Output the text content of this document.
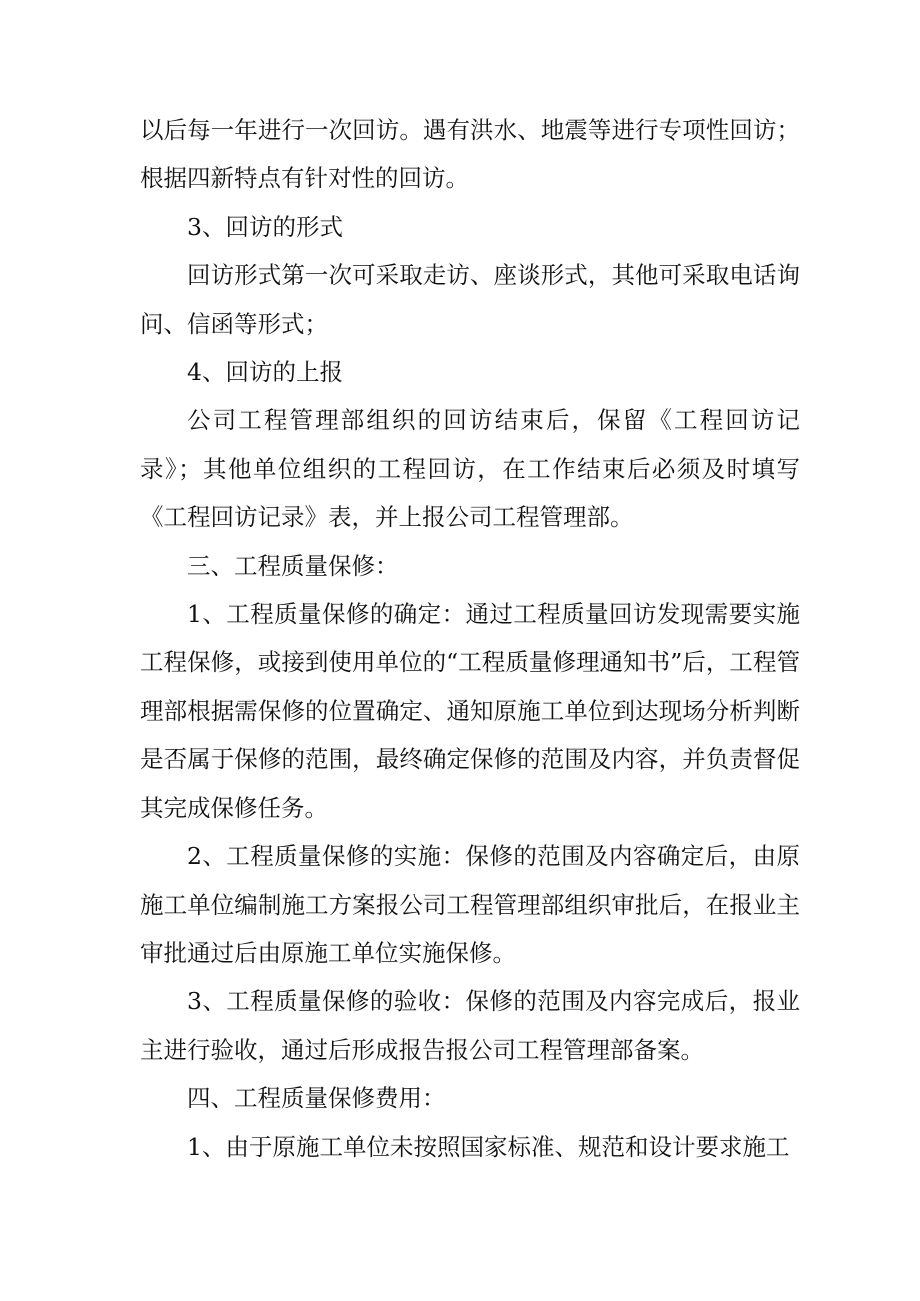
以后每一年进行一次回访。遇有洪水、地震等进行专项性回访；根据四新特点有针对性的回访。

3、回访的形式

回访形式第一次可采取走访、座谈形式，其他可采取电话询问、信函等形式；

4、回访的上报

公司工程管理部组织的回访结束后，保留《工程回访记录》；其他单位组织的工程回访，在工作结束后必须及时填写《工程回访记录》表，并上报公司工程管理部。

三、工程质量保修：

1、工程质量保修的确定：通过工程质量回访发现需要实施工程保修，或接到使用单位的“工程质量修理通知书”后，工程管理部根据需保修的位置确定、通知原施工单位到达现场分析判断是否属于保修的范围，最终确定保修的范围及内容，并负责督促其完成保修任务。

2、工程质量保修的实施：保修的范围及内容确定后，由原施工单位编制施工方案报公司工程管理部组织审批后，在报业主审批通过后由原施工单位实施保修。

3、工程质量保修的验收：保修的范围及内容完成后，报业主进行验收，通过后形成报告报公司工程管理部备案。

四、工程质量保修费用：

1、由于原施工单位未按照国家标准、规范和设计要求施工
